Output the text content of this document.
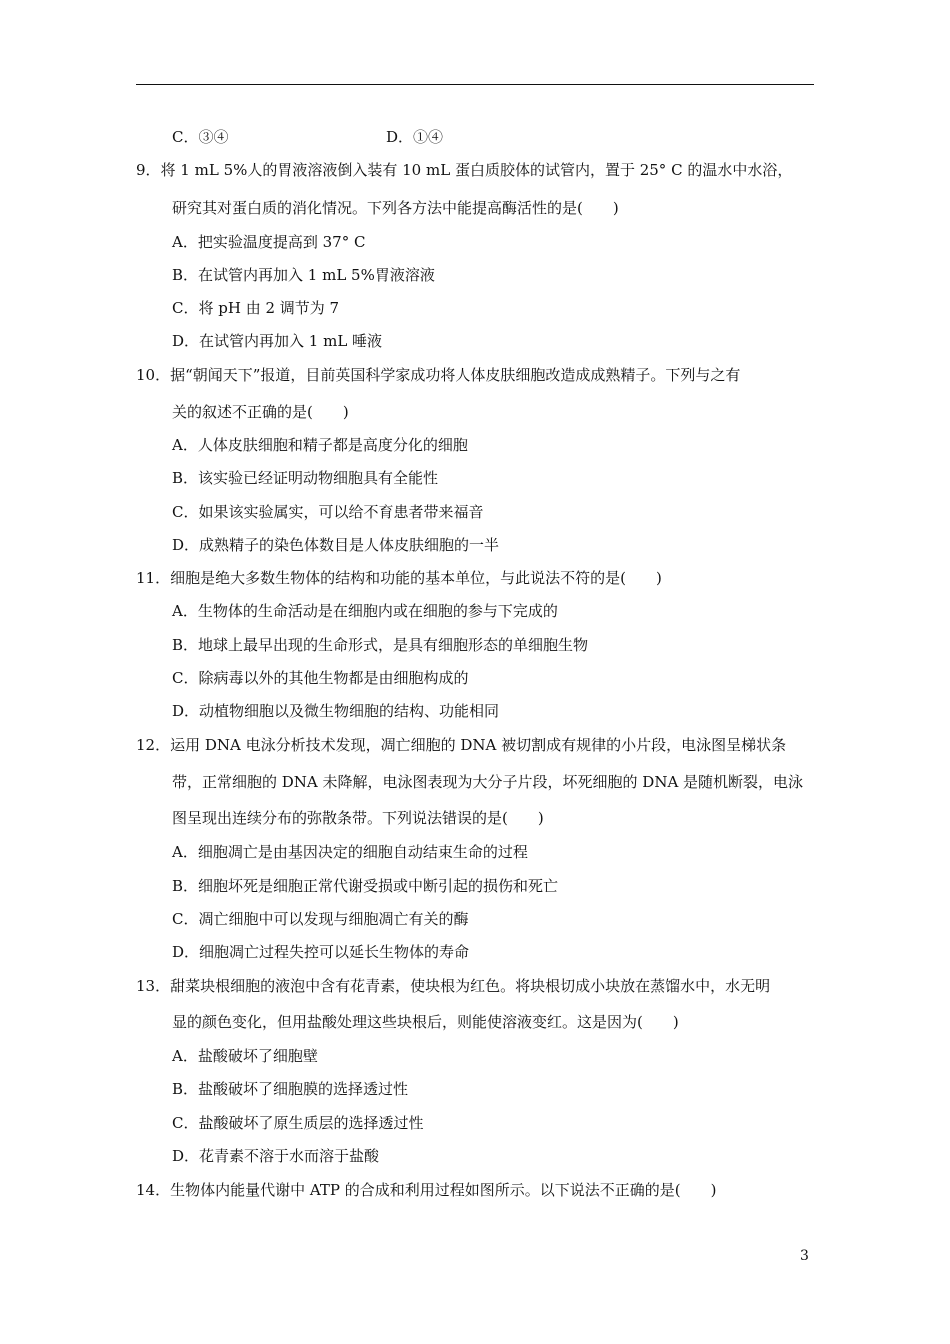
C．③④	D．①④
9．将 1 mL 5%人的胃液溶液倒入装有 10 mL 蛋白质胶体的试管内，置于 25° C 的温水中水浴，
研究其对蛋白质的消化情况。下列各方法中能提高酶活性的是(　　)
A．把实验温度提高到 37° C
B．在试管内再加入 1 mL 5%胃液溶液
C．将 pH 由 2 调节为 7
D．在试管内再加入 1 mL 唾液
10．据“朝闻天下”报道，目前英国科学家成功将人体皮肤细胞改造成成熟精子。下列与之有
关的叙述不正确的是(　　)
A．人体皮肤细胞和精子都是高度分化的细胞
B．该实验已经证明动物细胞具有全能性
C．如果该实验属实，可以给不育患者带来福音
D．成熟精子的染色体数目是人体皮肤细胞的一半
11．细胞是绝大多数生物体的结构和功能的基本单位，与此说法不符的是(　　)
A．生物体的生命活动是在细胞内或在细胞的参与下完成的
B．地球上最早出现的生命形式，是具有细胞形态的单细胞生物
C．除病毒以外的其他生物都是由细胞构成的
D．动植物细胞以及微生物细胞的结构、功能相同
12．运用 DNA 电泳分析技术发现，凋亡细胞的 DNA 被切割成有规律的小片段，电泳图呈梯状条
带，正常细胞的 DNA 未降解，电泳图表现为大分子片段，坏死细胞的 DNA 是随机断裂，电泳
图呈现出连续分布的弥散条带。下列说法错误的是(　　)
A．细胞凋亡是由基因决定的细胞自动结束生命的过程
B．细胞坏死是细胞正常代谢受损或中断引起的损伤和死亡
C．凋亡细胞中可以发现与细胞凋亡有关的酶
D．细胞凋亡过程失控可以延长生物体的寿命
13．甜菜块根细胞的液泡中含有花青素，使块根为红色。将块根切成小块放在蒸馏水中，水无明
显的颜色变化，但用盐酸处理这些块根后，则能使溶液变红。这是因为(　　)
A．盐酸破坏了细胞壁
B．盐酸破坏了细胞膜的选择透过性
C．盐酸破坏了原生质层的选择透过性
D．花青素不溶于水而溶于盐酸
14．生物体内能量代谢中 ATP 的合成和利用过程如图所示。以下说法不正确的是(　　)
3
